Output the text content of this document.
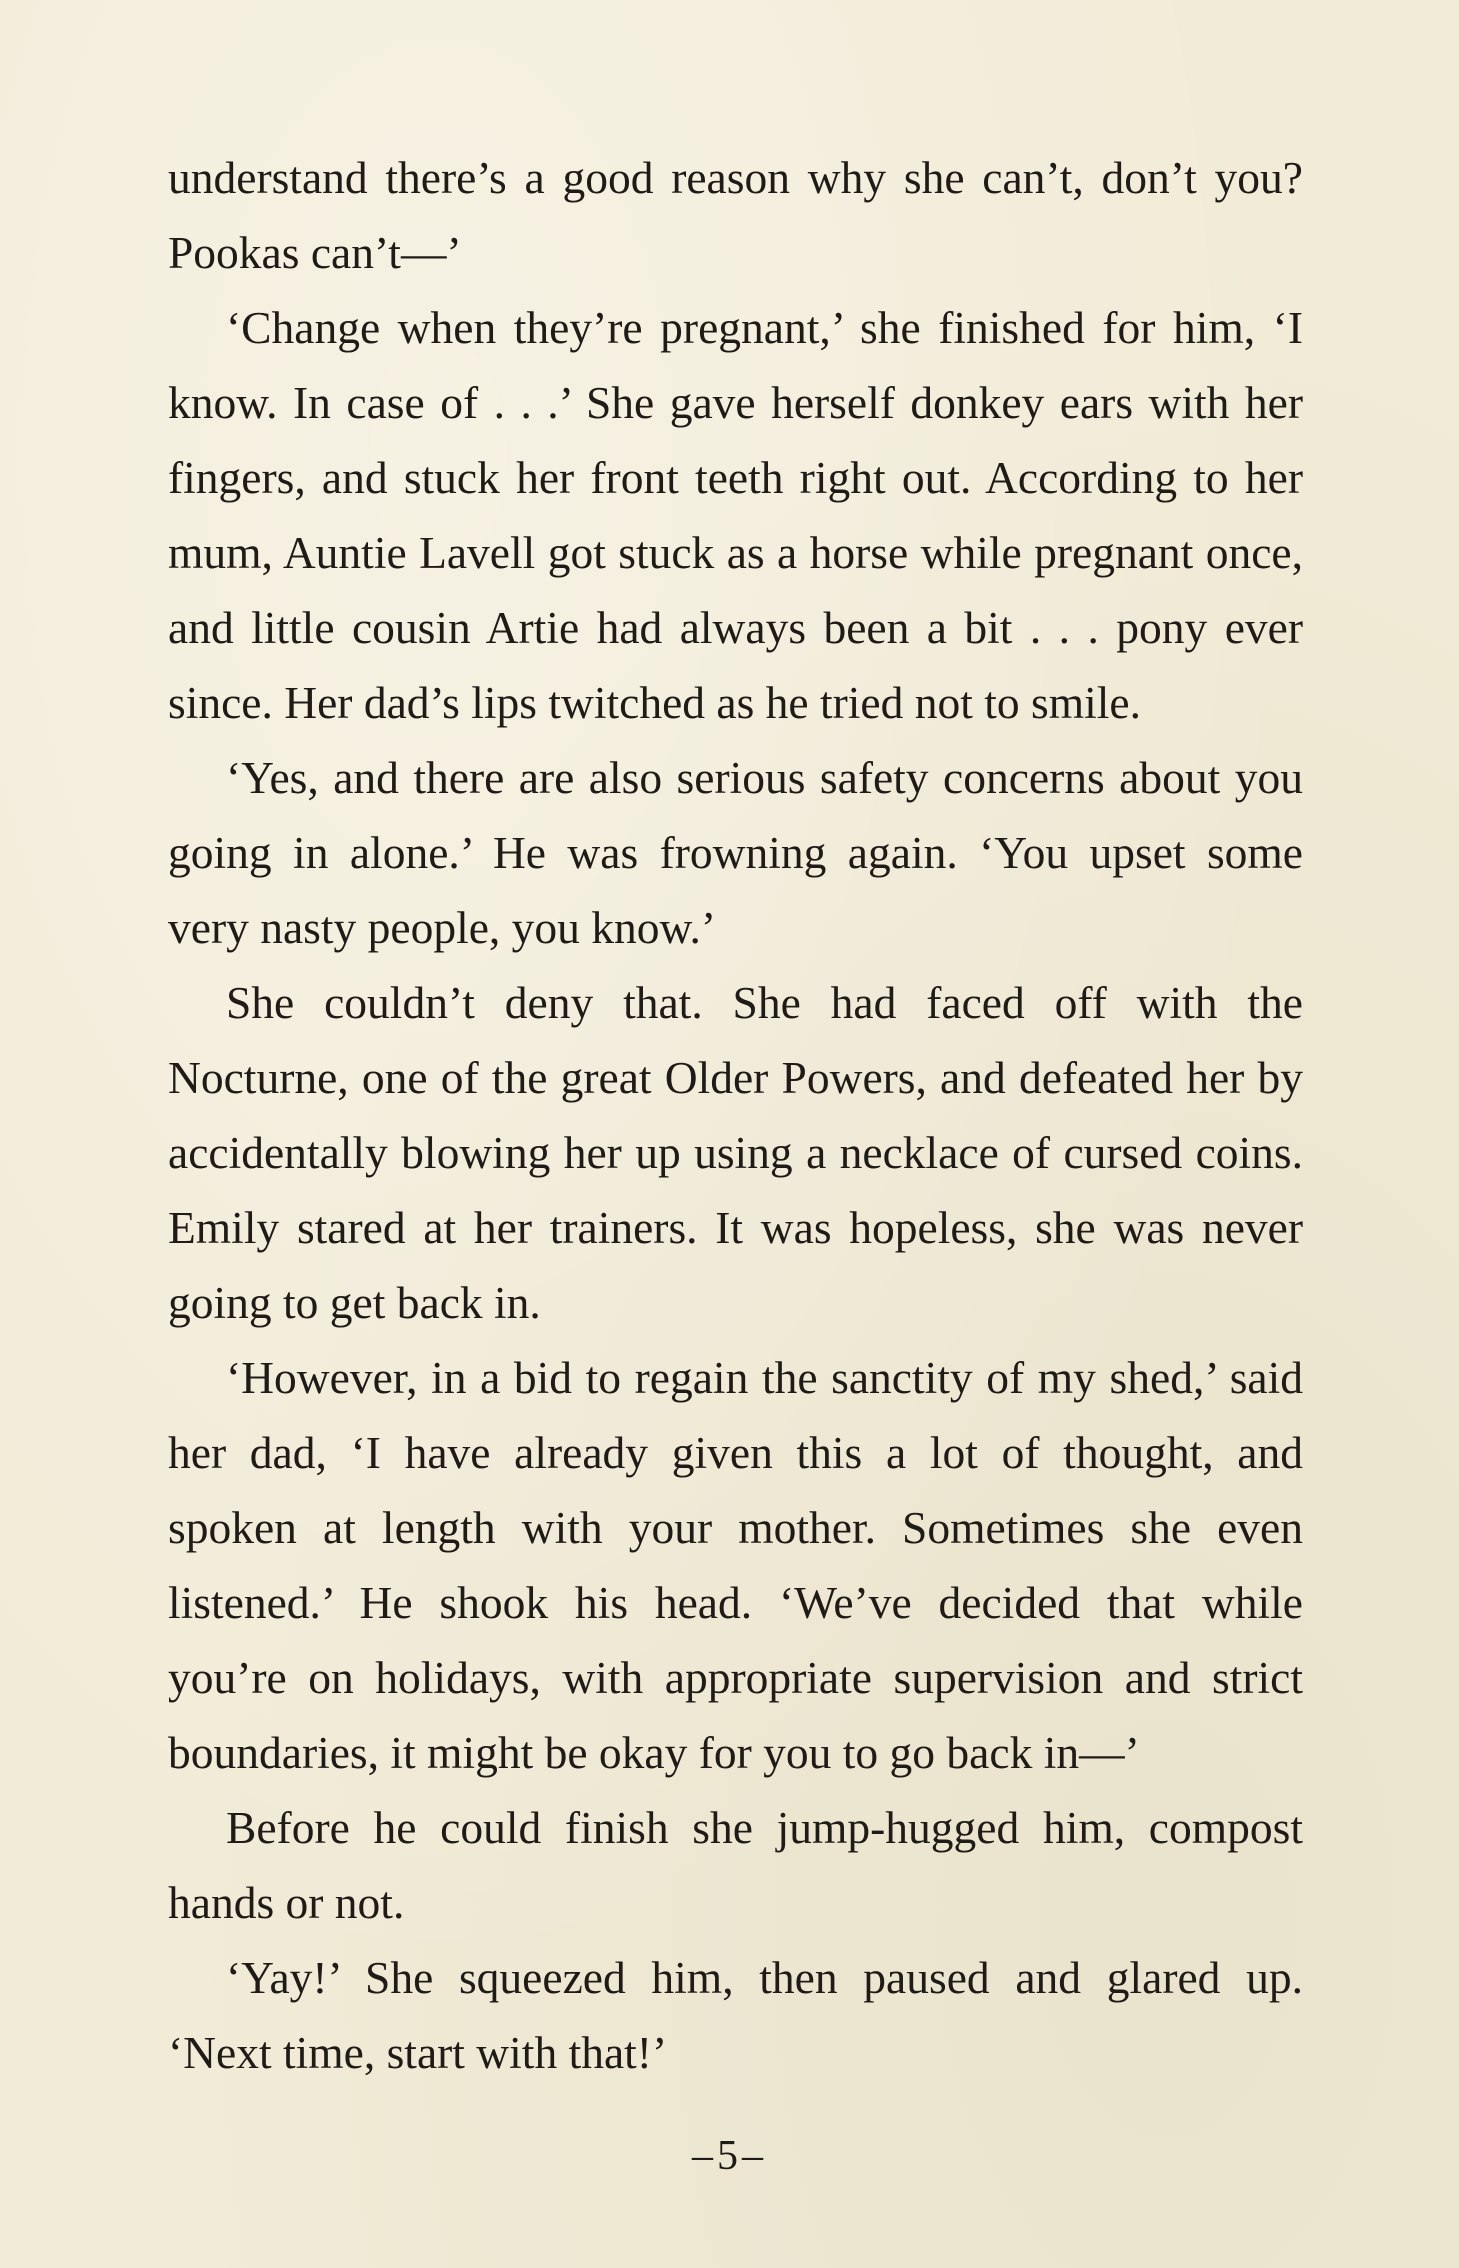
understand there’s a good reason why she can’t, don’t you? Pookas can’t—’

‘Change when they’re pregnant,’ she finished for him, ‘I know. In case of . . .’ She gave herself donkey ears with her fingers, and stuck her front teeth right out. According to her mum, Auntie Lavell got stuck as a horse while pregnant once, and little cousin Artie had always been a bit . . . pony ever since. Her dad’s lips twitched as he tried not to smile.

‘Yes, and there are also serious safety concerns about you going in alone.’ He was frowning again. ‘You upset some very nasty people, you know.’

She couldn’t deny that. She had faced off with the Nocturne, one of the great Older Powers, and defeated her by accidentally blowing her up using a necklace of cursed coins. Emily stared at her trainers. It was hopeless, she was never going to get back in.

‘However, in a bid to regain the sanctity of my shed,’ said her dad, ‘I have already given this a lot of thought, and spoken at length with your mother. Sometimes she even listened.’ He shook his head. ‘We’ve decided that while you’re on holidays, with appropriate supervision and strict boundaries, it might be okay for you to go back in—’

Before he could finish she jump-hugged him, compost hands or not.

‘Yay!’ She squeezed him, then paused and glared up. ‘Next time, start with that!’

–5–
